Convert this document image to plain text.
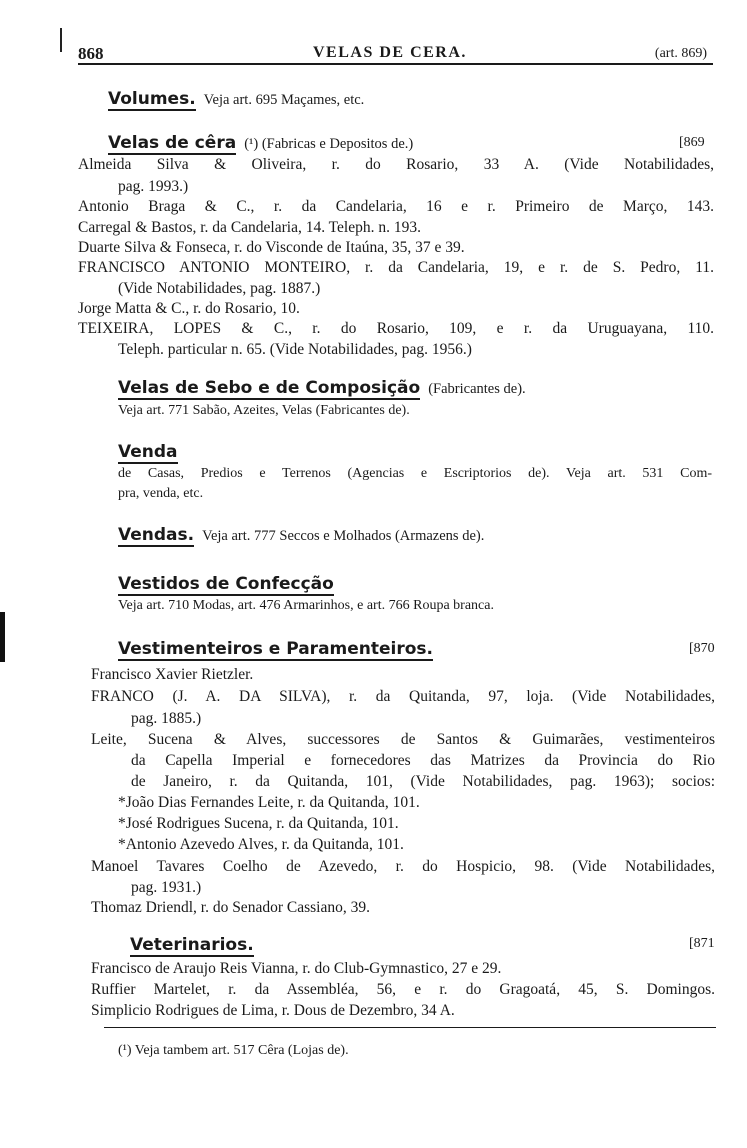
868	VELAS DE CERA.	(art. 869)
Volumes. Veja art. 695 Maçames, etc.
Velas de cêra (¹) (Fabricas e Depositos de.)	[869
Almeida Silva & Oliveira, r. do Rosario, 33 A. (Vide Notabilidades,
pag. 1993.)
Antonio Braga & C., r. da Candelaria, 16 e r. Primeiro de Março, 143.
Carregal & Bastos, r. da Candelaria, 14. Teleph. n. 193.
Duarte Silva & Fonseca, r. do Visconde de Itaúna, 35, 37 e 39.
FRANCISCO ANTONIO MONTEIRO, r. da Candelaria, 19, e r. de S. Pedro, 11.
(Vide Notabilidades, pag. 1887.)
Jorge Matta & C., r. do Rosario, 10.
TEIXEIRA, LOPES & C., r. do Rosario, 109, e r. da Uruguayana, 110.
Teleph. particular n. 65. (Vide Notabilidades, pag. 1956.)
Velas de Sebo e de Composição (Fabricantes de).
Veja art. 771 Sabão, Azeites, Velas (Fabricantes de).
Venda
de Casas, Predios e Terrenos (Agencias e Escriptorios de). Veja art. 531 Com-
pra, venda, etc.
Vendas. Veja art. 777 Seccos e Molhados (Armazens de).
Vestidos de Confecção
Veja art. 710 Modas, art. 476 Armarinhos, e art. 766 Roupa branca.
Vestimenteiros e Paramenteiros.	[870
Francisco Xavier Rietzler.
FRANCO (J. A. DA SILVA), r. da Quitanda, 97, loja. (Vide Notabilidades,
pag. 1885.)
Leite, Sucena & Alves, successores de Santos & Guimarães, vestimenteiros
da Capella Imperial e fornecedores das Matrizes da Provincia do Rio
de Janeiro, r. da Quitanda, 101, (Vide Notabilidades, pag. 1963); socios:
*João Dias Fernandes Leite, r. da Quitanda, 101.
*José Rodrigues Sucena, r. da Quitanda, 101.
*Antonio Azevedo Alves, r. da Quitanda, 101.
Manoel Tavares Coelho de Azevedo, r. do Hospicio, 98. (Vide Notabilidades,
pag. 1931.)
Thomaz Driendl, r. do Senador Cassiano, 39.
Veterinarios.	[871
Francisco de Araujo Reis Vianna, r. do Club-Gymnastico, 27 e 29.
Ruffier Martelet, r. da Assembléa, 56, e r. do Gragoatá, 45, S. Domingos.
Simplicio Rodrigues de Lima, r. Dous de Dezembro, 34 A.
(¹) Veja tambem art. 517 Cêra (Lojas de).
